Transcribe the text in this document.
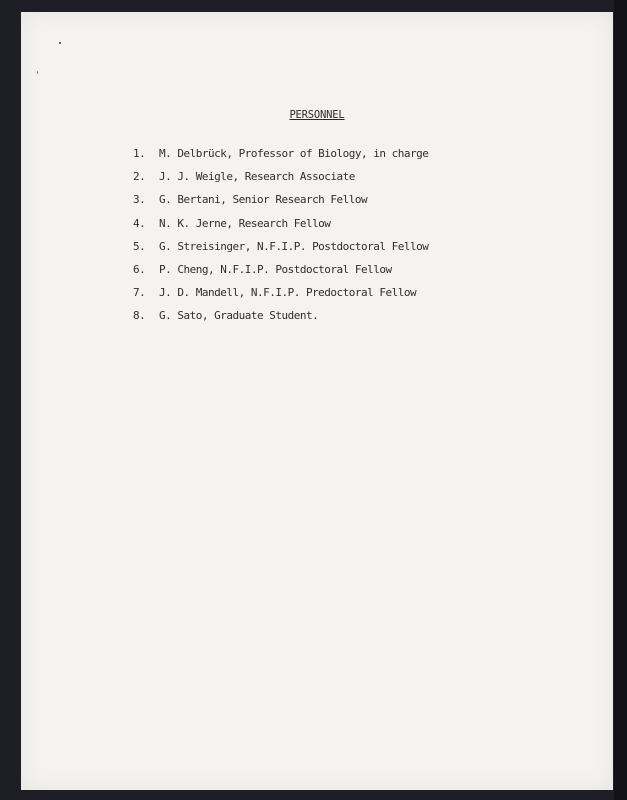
PERSONNEL
1.	M. Delbrück, Professor of Biology, in charge
2.	J. J. Weigle, Research Associate
3.	G. Bertani, Senior Research Fellow
4.	N. K. Jerne, Research Fellow
5.	G. Streisinger, N.F.I.P. Postdoctoral Fellow
6.	P. Cheng, N.F.I.P. Postdoctoral Fellow
7.	J. D. Mandell, N.F.I.P. Predoctoral Fellow
8.	G. Sato, Graduate Student.
